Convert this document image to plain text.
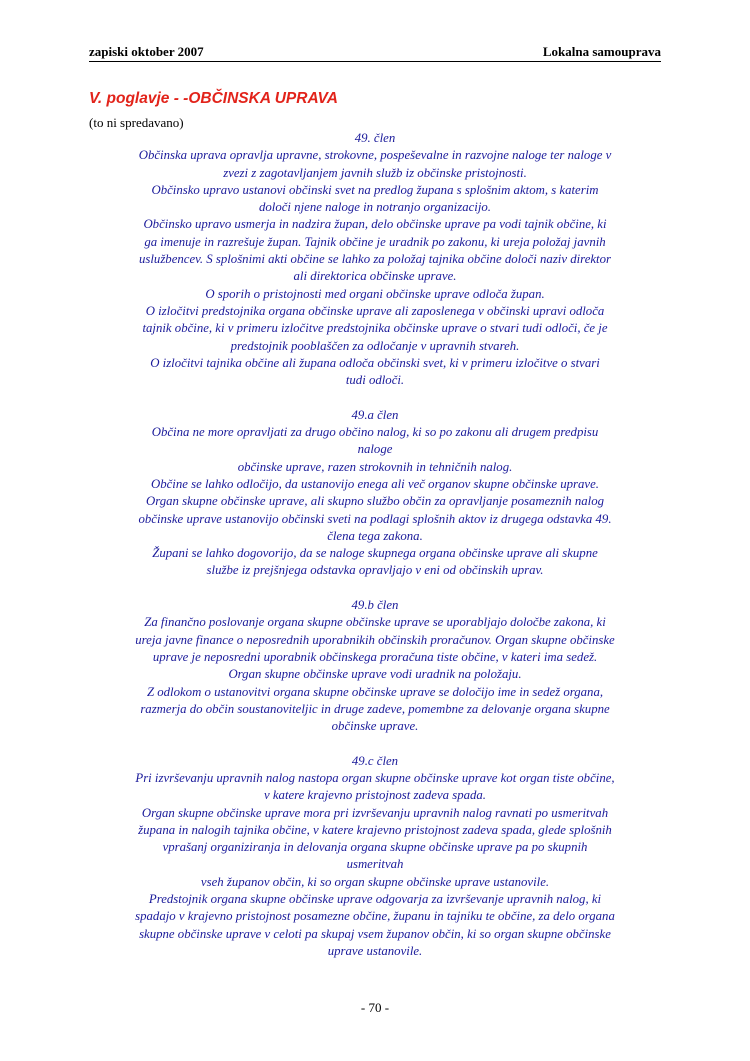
zapiski oktober 2007	Lokalna samouprava
V. poglavje - -OBČINSKA UPRAVA
(to ni spredavano)
49. člen
Občinska uprava opravlja upravne, strokovne, pospeševalne in razvojne naloge ter naloge v
zvezi z zagotavljanjem javnih služb iz občinske pristojnosti.
Občinsko upravo ustanovi občinski svet na predlog župana s splošnim aktom, s katerim
določi njene naloge in notranjo organizacijo.
Občinsko upravo usmerja in nadzira župan, delo občinske uprave pa vodi tajnik občine, ki
ga imenuje in razrešuje župan. Tajnik občine je uradnik po zakonu, ki ureja položaj javnih
uslužbencev. S splošnimi akti občine se lahko za položaj tajnika občine določi naziv direktor
ali direktorica občinske uprave.
O sporih o pristojnosti med organi občinske uprave odloča župan.
O izločitvi predstojnika organa občinske uprave ali zaposlenega v občinski upravi odloča
tajnik občine, ki v primeru izločitve predstojnika občinske uprave o stvari tudi odloči, če je
predstojnik pooblaščen za odločanje v upravnih stvareh.
O izločitvi tajnika občine ali župana odloča občinski svet, ki v primeru izločitve o stvari
tudi odloči.
49.a člen
Občina ne more opravljati za drugo občino nalog, ki so po zakonu ali drugem predpisu
naloge
občinske uprave, razen strokovnih in tehničnih nalog.
Občine se lahko odločijo, da ustanovijo enega ali več organov skupne občinske uprave.
Organ skupne občinske uprave, ali skupno službo občin za opravljanje posameznih nalog
občinske uprave ustanovijo občinski sveti na podlagi splošnih aktov iz drugega odstavka 49.
člena tega zakona.
Župani se lahko dogovorijo, da se naloge skupnega organa občinske uprave ali skupne
službe iz prejšnjega odstavka opravljajo v eni od občinskih uprav.
49.b člen
Za finančno poslovanje organa skupne občinske uprave se uporabljajo določbe zakona, ki
ureja javne finance o neposrednih uporabnikih občinskih proračunov. Organ skupne občinske
uprave je neposredni uporabnik občinskega proračuna tiste občine, v kateri ima sedež.
Organ skupne občinske uprave vodi uradnik na položaju.
Z odlokom o ustanovitvi organa skupne občinske uprave se določijo ime in sedež organa,
razmerja do občin soustanoviteljic in druge zadeve, pomembne za delovanje organa skupne
občinske uprave.
49.c člen
Pri izvrševanju upravnih nalog nastopa organ skupne občinske uprave kot organ tiste občine,
v katere krajevno pristojnost zadeva spada.
Organ skupne občinske uprave mora pri izvrševanju upravnih nalog ravnati po usmeritvah
župana in nalogih tajnika občine, v katere krajevno pristojnost zadeva spada, glede splošnih
vprašanj organiziranja in delovanja organa skupne občinske uprave pa po skupnih
usmeritvah
vseh županov občin, ki so organ skupne občinske uprave ustanovile.
Predstojnik organa skupne občinske uprave odgovarja za izvrševanje upravnih nalog, ki
spadajo v krajevno pristojnost posamezne občine, županu in tajniku te občine, za delo organa
skupne občinske uprave v celoti pa skupaj vsem županov občin, ki so organ skupne občinske
uprave ustanovile.
- 70 -
